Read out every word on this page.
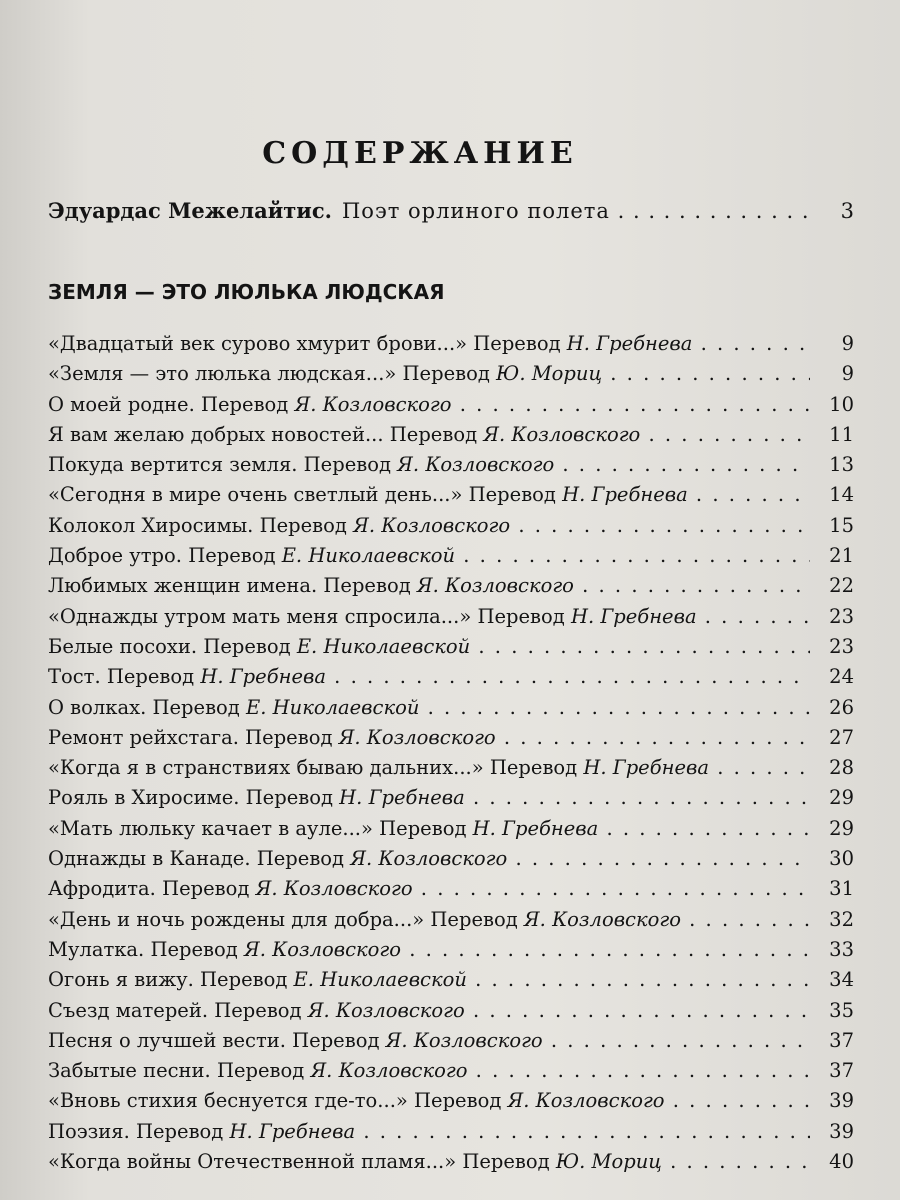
СОДЕРЖАНИЕ
Эдуардас Межелайтис. Поэт орлиного полета . . .	3
ЗЕМЛЯ — ЭТО ЛЮЛЬКА ЛЮДСКАЯ
«Двадцатый век сурово хмурит брови...» Перевод Н. Гребнева . . .	9
«Земля — это люлька людская...» Перевод Ю. Мориц . . .	9
О моей родне. Перевод Я. Козловского . . .	10
Я вам желаю добрых новостей... Перевод Я. Козловского . . .	11
Покуда вертится земля. Перевод Я. Козловского . . .	13
«Сегодня в мире очень светлый день...» Перевод Н. Гребнева . . .	14
Колокол Хиросимы. Перевод Я. Козловского . . .	15
Доброе утро. Перевод Е. Николаевской . . .	21
Любимых женщин имена. Перевод Я. Козловского . . .	22
«Однажды утром мать меня спросила...» Перевод Н. Гребнева . . .	23
Белые посохи. Перевод Е. Николаевской . . .	23
Тост. Перевод Н. Гребнева . . .	24
О волках. Перевод Е. Николаевской . . .	26
Ремонт рейхстага. Перевод Я. Козловского . . .	27
«Когда я в странствиях бываю дальних...» Перевод Н. Гребнева . . .	28
Рояль в Хиросиме. Перевод Н. Гребнева . . .	29
«Мать люльку качает в ауле...» Перевод Н. Гребнева . . .	29
Однажды в Канаде. Перевод Я. Козловского . . .	30
Афродита. Перевод Я. Козловского . . .	31
«День и ночь рождены для добра...» Перевод Я. Козловского . . .	32
Мулатка. Перевод Я. Козловского . . .	33
Огонь я вижу. Перевод Е. Николаевской . . .	34
Съезд матерей. Перевод Я. Козловского . . .	35
Песня о лучшей вести. Перевод Я. Козловского . . .	37
Забытые песни. Перевод Я. Козловского . . .	37
«Вновь стихия беснуется где-то...» Перевод Я. Козловского . . .	39
Поэзия. Перевод Н. Гребнева . . .	39
«Когда войны Отечественной пламя...» Перевод Ю. Мориц . . .	40
